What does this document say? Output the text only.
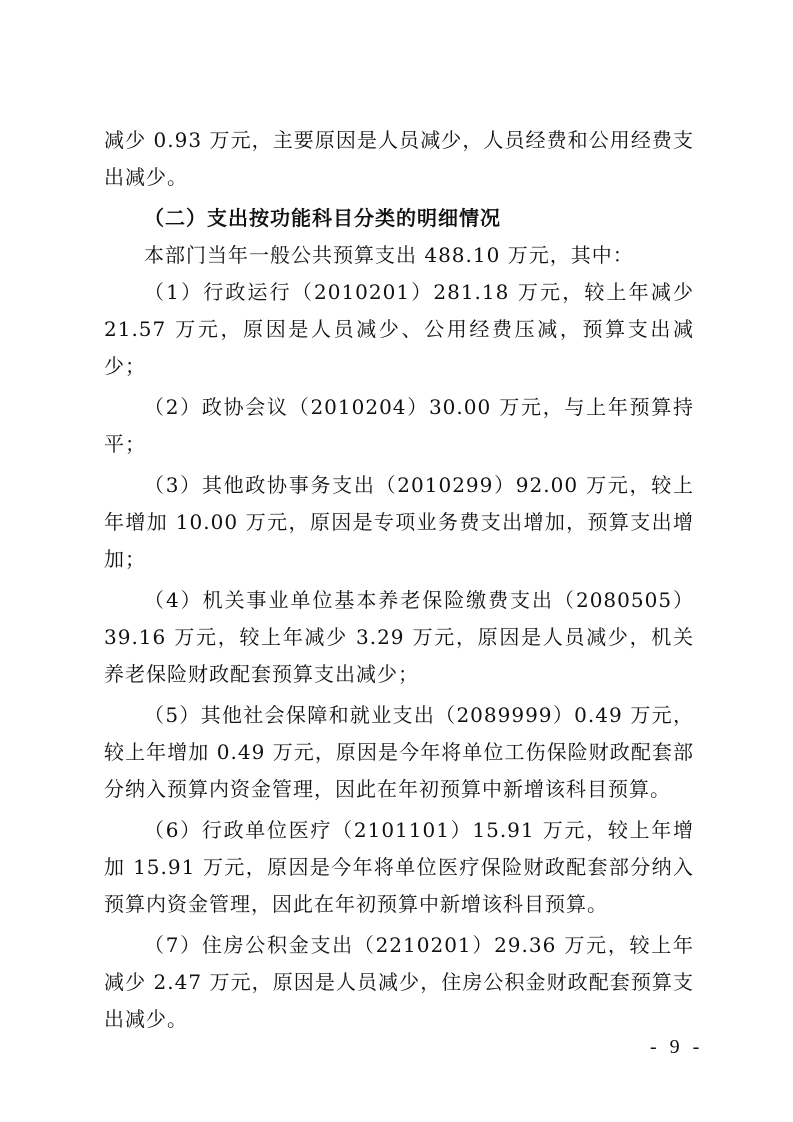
减少 0.93 万元，主要原因是人员减少，人员经费和公用经费支出减少。

（二）支出按功能科目分类的明细情况

本部门当年一般公共预算支出 488.10 万元，其中：

（1）行政运行（2010201）281.18 万元，较上年减少 21.57 万元，原因是人员减少、公用经费压减，预算支出减少；

（2）政协会议（2010204）30.00 万元，与上年预算持平；

（3）其他政协事务支出（2010299）92.00 万元，较上年增加 10.00 万元，原因是专项业务费支出增加，预算支出增加；

（4）机关事业单位基本养老保险缴费支出（2080505）39.16 万元，较上年减少 3.29 万元，原因是人员减少，机关养老保险财政配套预算支出减少；

（5）其他社会保障和就业支出（2089999）0.49 万元，较上年增加 0.49 万元，原因是今年将单位工伤保险财政配套部分纳入预算内资金管理，因此在年初预算中新增该科目预算。

（6）行政单位医疗（2101101）15.91 万元，较上年增加 15.91 万元，原因是今年将单位医疗保险财政配套部分纳入预算内资金管理，因此在年初预算中新增该科目预算。

（7）住房公积金支出（2210201）29.36 万元，较上年减少 2.47 万元，原因是人员减少，住房公积金财政配套预算支出减少。

- 9 -
